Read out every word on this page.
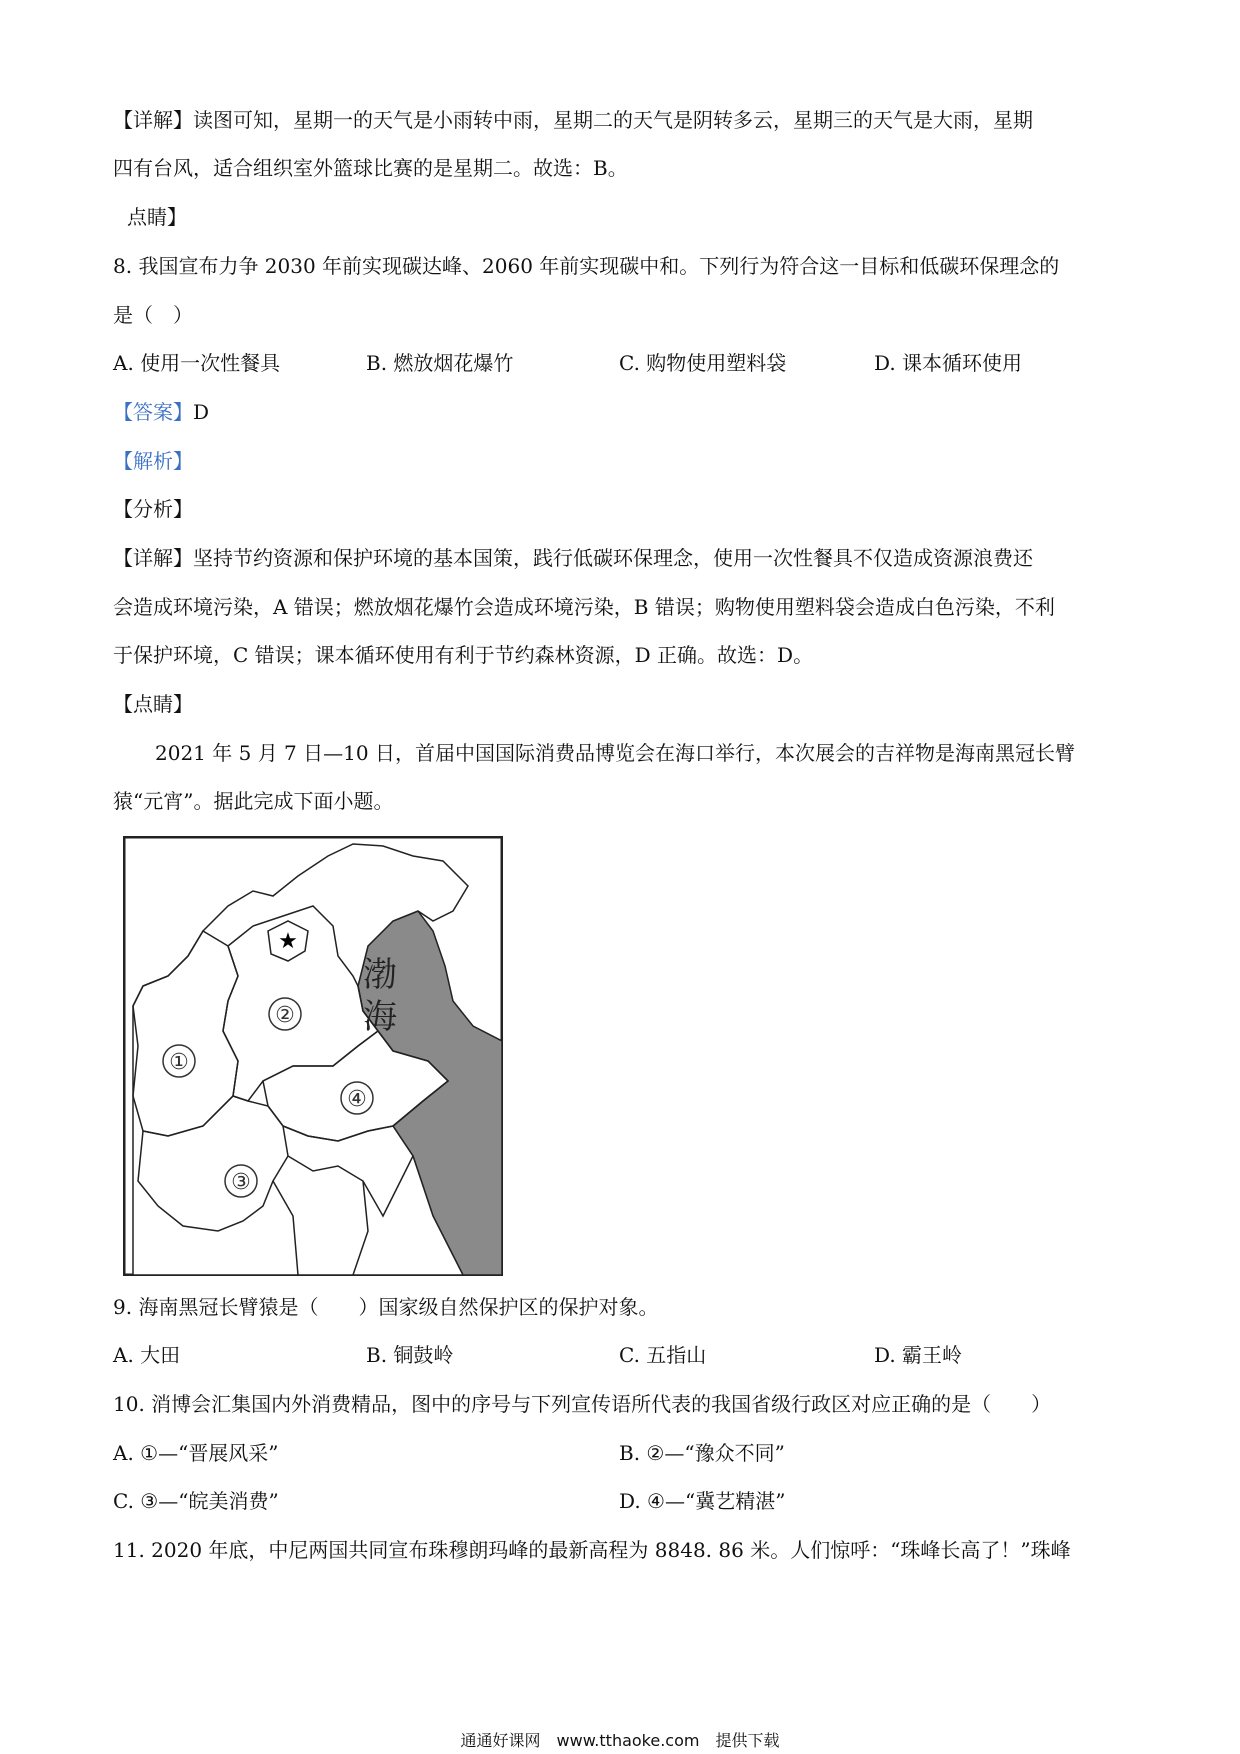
【详解】读图可知，星期一的天气是小雨转中雨，星期二的天气是阴转多云，星期三的天气是大雨，星期
四有台风，适合组织室外篮球比赛的是星期二。故选：B。
点睛】
8. 我国宣布力争 2030 年前实现碳达峰、2060 年前实现碳中和。下列行为符合这一目标和低碳环保理念的
是（　）
A. 使用一次性餐具	B. 燃放烟花爆竹	C. 购物使用塑料袋	D. 课本循环使用
【答案】D
【解析】
【分析】
【详解】坚持节约资源和保护环境的基本国策，践行低碳环保理念，使用一次性餐具不仅造成资源浪费还
会造成环境污染，A 错误；燃放烟花爆竹会造成环境污染，B 错误；购物使用塑料袋会造成白色污染，不利
于保护环境，C 错误；课本循环使用有利于节约森林资源，D 正确。故选：D。
【点睛】
2021 年 5 月 7 日—10 日，首届中国国际消费品博览会在海口举行，本次展会的吉祥物是海南黑冠长臂
猿“元宵”。据此完成下面小题。
渤
海
①
②
③
④
★
9. 海南黑冠长臂猿是（　　）国家级自然保护区的保护对象。
A. 大田	B. 铜鼓岭	C. 五指山	D. 霸王岭
10. 消博会汇集国内外消费精品，图中的序号与下列宣传语所代表的我国省级行政区对应正确的是（　　）
A. ①—“晋展风采”	B. ②—“豫众不同”
C. ③—“皖美消费”	D. ④—“冀艺精湛”
11. 2020 年底，中尼两国共同宣布珠穆朗玛峰的最新高程为 8848. 86 米。人们惊呼：“珠峰长高了！”珠峰
通通好课网　www.tthaoke.com　提供下载
